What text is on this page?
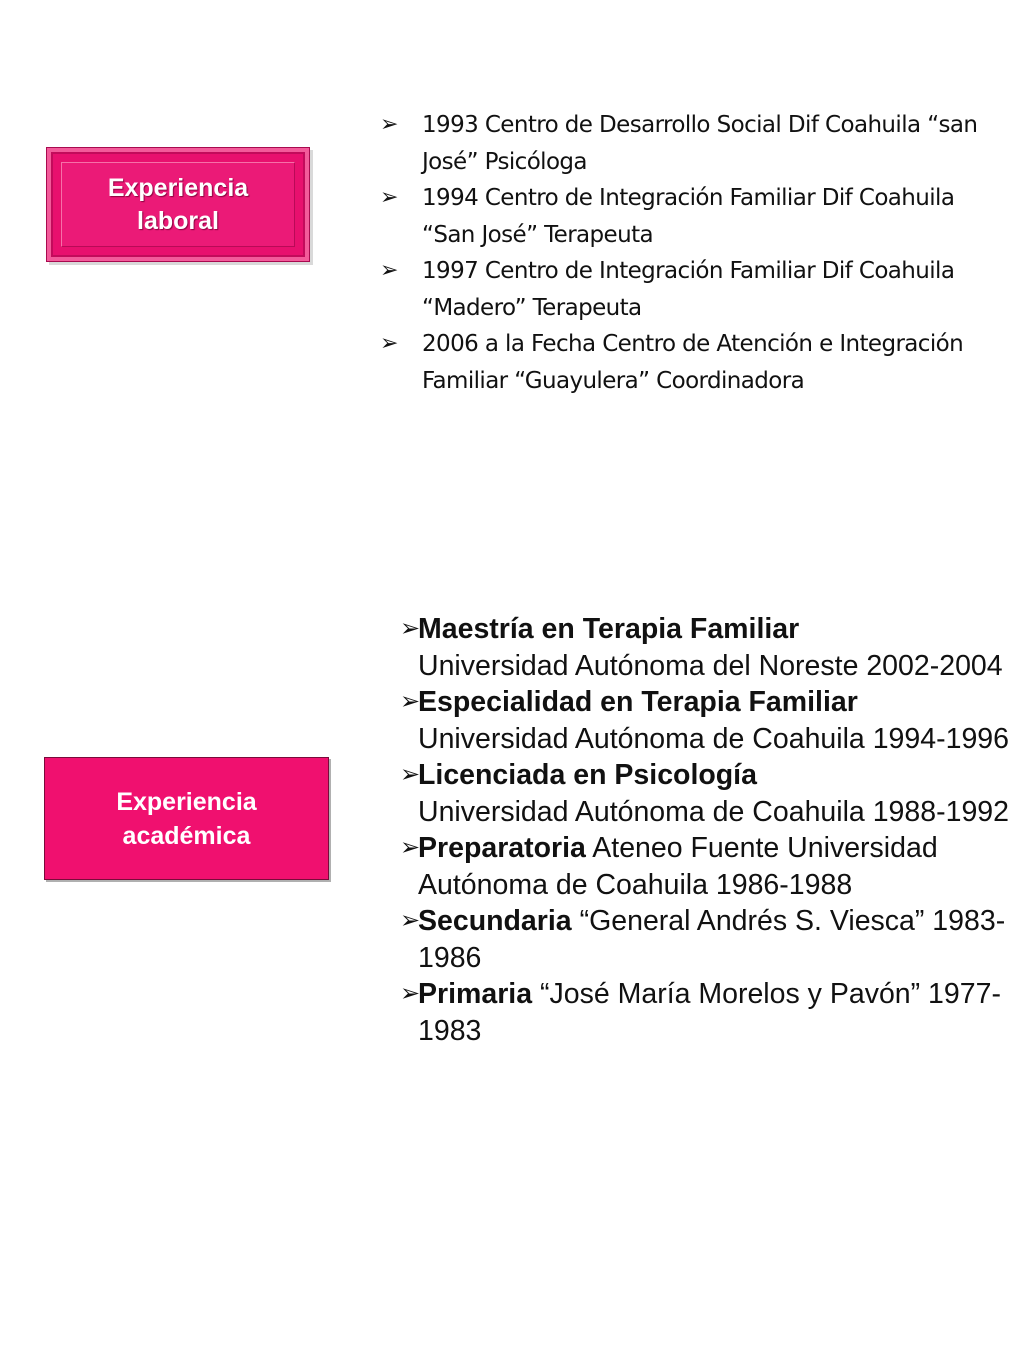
Experiencia
laboral
➢ 1993 Centro de Desarrollo Social Dif Coahuila “san José” Psicóloga
➢ 1994 Centro de Integración Familiar Dif Coahuila “San José” Terapeuta
➢ 1997 Centro de Integración Familiar Dif Coahuila “Madero” Terapeuta
➢ 2006 a la Fecha Centro de Atención e Integración Familiar “Guayulera” Coordinadora
Experiencia
académica
➢
Maestría en Terapia Familiar
Universidad Autónoma del Noreste 2002-2004
➢
Especialidad en Terapia Familiar
Universidad Autónoma de Coahuila 1994-1996
➢
Licenciada en Psicología
Universidad Autónoma de Coahuila 1988-1992
➢
Preparatoria Ateneo Fuente Universidad Autónoma de Coahuila 1986-1988
➢
Secundaria “General Andrés S. Viesca” 1983-1986
➢
Primaria “José María Morelos y Pavón” 1977-1983
